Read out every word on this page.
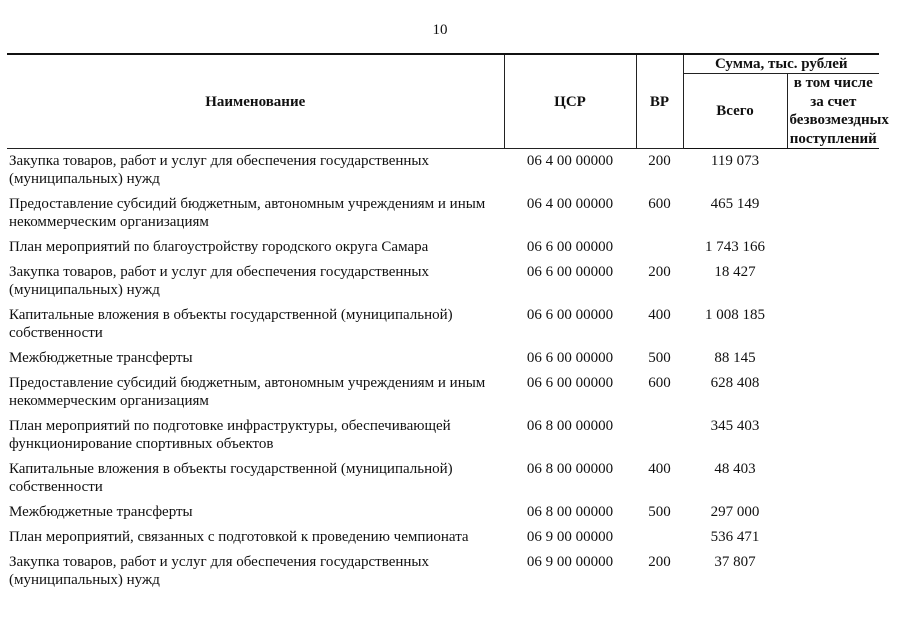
10
Наименование	ЦСР	ВР	Сумма, тыс. рублей	
			Всего	в том числе за счет безвозмездных поступлений
Закупка товаров, работ и услуг для обеспечения государственных (муниципальных) нужд	06 4 00 00000	200	119 073	
Предоставление субсидий бюджетным, автономным учреждениям и иным некоммерческим организациям	06 4 00 00000	600	465 149	
План мероприятий по благоустройству городского округа Самара	06 6 00 00000		1 743 166	
Закупка товаров, работ и услуг для обеспечения государственных (муниципальных) нужд	06 6 00 00000	200	18 427	
Капитальные вложения в объекты государственной (муниципальной) собственности	06 6 00 00000	400	1 008 185	
Межбюджетные трансферты	06 6 00 00000	500	88 145	
Предоставление субсидий бюджетным, автономным учреждениям и иным некоммерческим организациям	06 6 00 00000	600	628 408	
План мероприятий по подготовке инфраструктуры, обеспечивающей функционирование спортивных объектов	06 8 00 00000		345 403	
Капитальные вложения в объекты государственной (муниципальной) собственности	06 8 00 00000	400	48 403	
Межбюджетные трансферты	06 8 00 00000	500	297 000	
План мероприятий, связанных с подготовкой к проведению чемпионата	06 9 00 00000		536 471	
Закупка товаров, работ и услуг для обеспечения государственных (муниципальных) нужд	06 9 00 00000	200	37 807	
